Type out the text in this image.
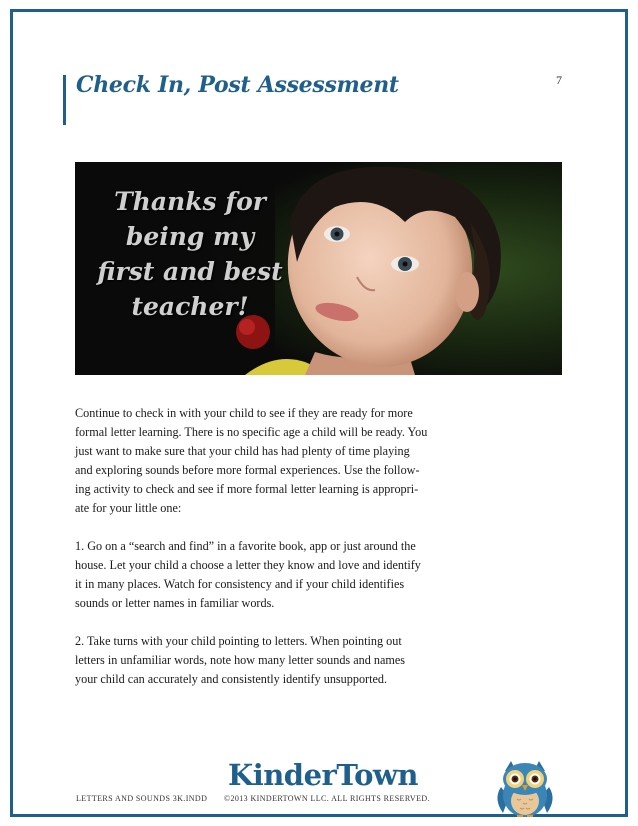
Check In, Post Assessment	7
Thanks for
being my
first and best
teacher!

Continue to check in with your child to see if they are ready for more
formal letter learning. There is no specific age a child will be ready. You
just want to make sure that your child has had plenty of time playing
and exploring sounds before more formal experiences. Use the follow-
ing activity to check and see if more formal letter learning is appropri-
ate for your little one:

1. Go on a “search and find” in a favorite book, app or just around the
house. Let your child a choose a letter they know and love and identify
it in many places. Watch for consistency and if your child identifies
sounds or letter names in familiar words.

2. Take turns with your child pointing to letters. When pointing out
letters in unfamiliar words, note how many letter sounds and names
your child can accurately and consistently identify unsupported.

KinderTown
LETTERS AND SOUNDS 3K.INDD ©2013 KINDERTOWN LLC. ALL RIGHTS RESERVED.
